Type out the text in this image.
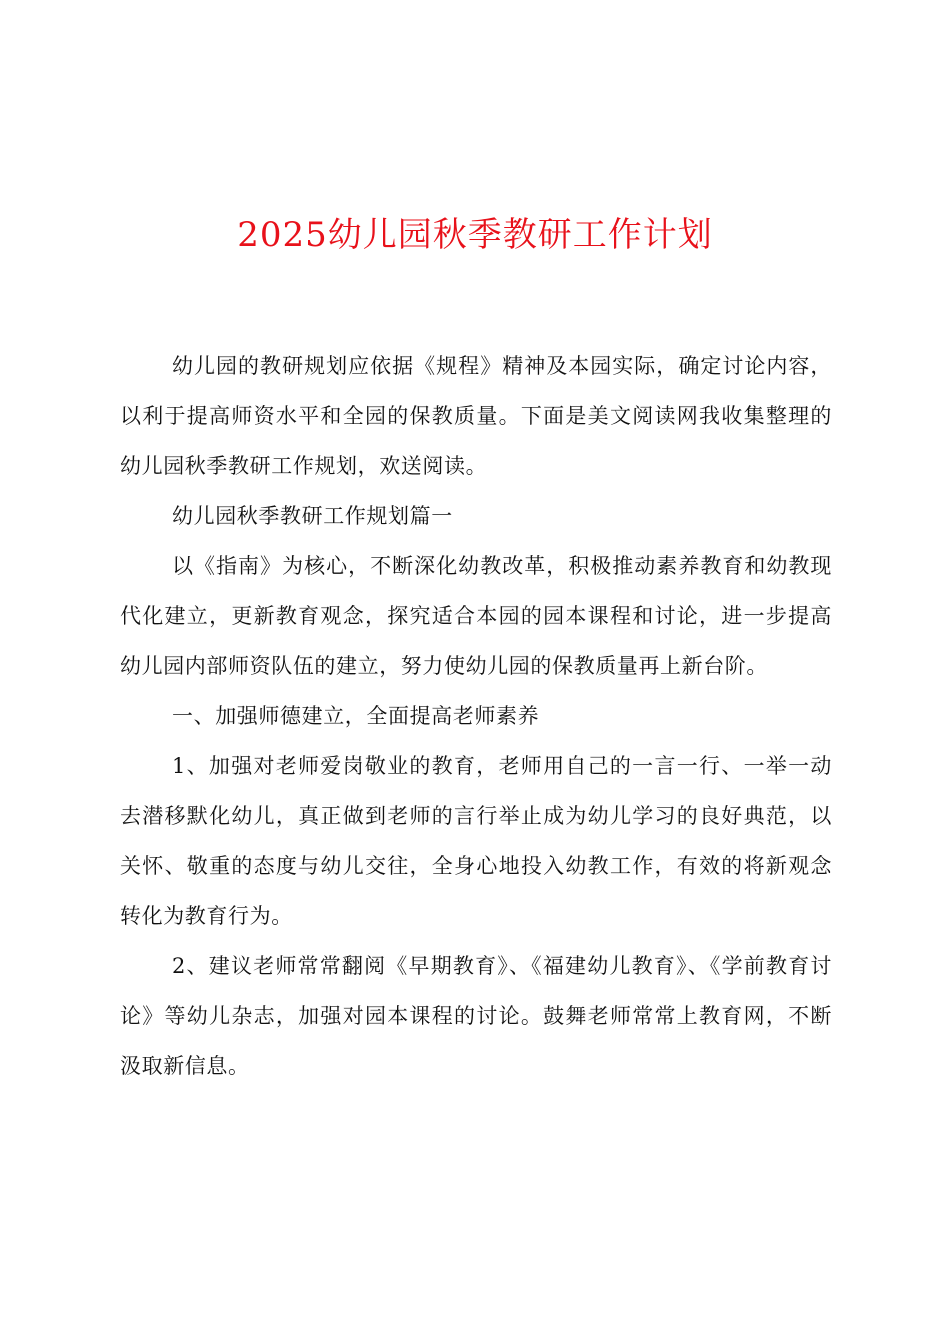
2025幼儿园秋季教研工作计划

幼儿园的教研规划应依据《规程》精神及本园实际，确定讨论内容，以利于提高师资水平和全园的保教质量。下面是美文阅读网我收集整理的幼儿园秋季教研工作规划，欢送阅读。

幼儿园秋季教研工作规划篇一

以《指南》为核心，不断深化幼教改革，积极推动素养教育和幼教现代化建立，更新教育观念，探究适合本园的园本课程和讨论，进一步提高幼儿园内部师资队伍的建立，努力使幼儿园的保教质量再上新台阶。

一、加强师德建立，全面提高老师素养

1、加强对老师爱岗敬业的教育，老师用自己的一言一行、一举一动去潜移默化幼儿，真正做到老师的言行举止成为幼儿学习的良好典范，以关怀、敬重的态度与幼儿交往，全身心地投入幼教工作，有效的将新观念转化为教育行为。

2、建议老师常常翻阅《早期教育》、《福建幼儿教育》、《学前教育讨论》等幼儿杂志，加强对园本课程的讨论。鼓舞老师常常上教育网，不断汲取新信息。
